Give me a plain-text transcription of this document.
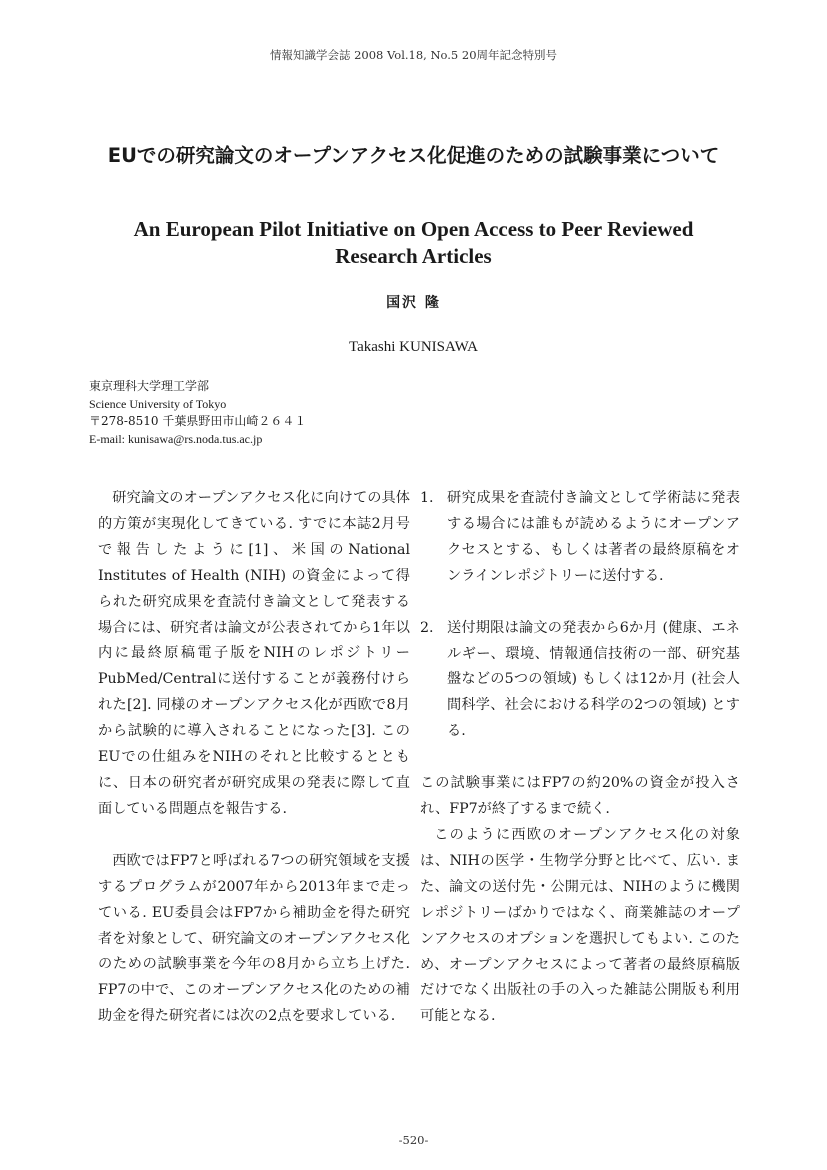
情報知識学会誌 2008 Vol.18, No.5 20周年記念特別号
EUでの研究論文のオープンアクセス化促進のための試験事業について
An European Pilot Initiative on Open Access to Peer Reviewed Research Articles
国沢 隆
Takashi KUNISAWA
東京理科大学理工学部
Science University of Tokyo
〒278-8510 千葉県野田市山崎２６４１
E-mail: kunisawa@rs.noda.tus.ac.jp

研究論文のオープンアクセス化に向けての具体的方策が実現化してきている. すでに本誌2月号で報告したように[1]、米国のNational Institutes of Health (NIH) の資金によって得られた研究成果を査読付き論文として発表する場合には、研究者は論文が公表されてから1年以内に最終原稿電子版をNIHのレポジトリーPubMed/Centralに送付することが義務付けられた[2]. 同様のオープンアクセス化が西欧で8月から試験的に導入されることになった[3]. このEUでの仕組みをNIHのそれと比較するとともに、日本の研究者が研究成果の発表に際して直面している問題点を報告する.

西欧ではFP7と呼ばれる7つの研究領域を支援するプログラムが2007年から2013年まで走っている. EU委員会はFP7から補助金を得た研究者を対象として、研究論文のオープンアクセス化のための試験事業を今年の8月から立ち上げた. FP7の中で、このオープンアクセス化のための補助金を得た研究者には次の2点を要求している.

1. 研究成果を査読付き論文として学術誌に発表する場合には誰もが読めるようにオープンアクセスとする、もしくは著者の最終原稿をオンラインレポジトリーに送付する.
2. 送付期限は論文の発表から6か月 (健康、エネルギー、環境、情報通信技術の一部、研究基盤などの5つの領域) もしくは12か月 (社会人間科学、社会における科学の2つの領域) とする.

この試験事業にはFP7の約20%の資金が投入され、FP7が終了するまで続く.

このように西欧のオープンアクセス化の対象は、NIHの医学・生物学分野と比べて、広い. また、論文の送付先・公開元は、NIHのように機関レポジトリーばかりではなく、商業雑誌のオープンアクセスのオプションを選択してもよい. このため、オープンアクセスによって著者の最終原稿版だけでなく出版社の手の入った雑誌公開版も利用可能となる.

-520-
